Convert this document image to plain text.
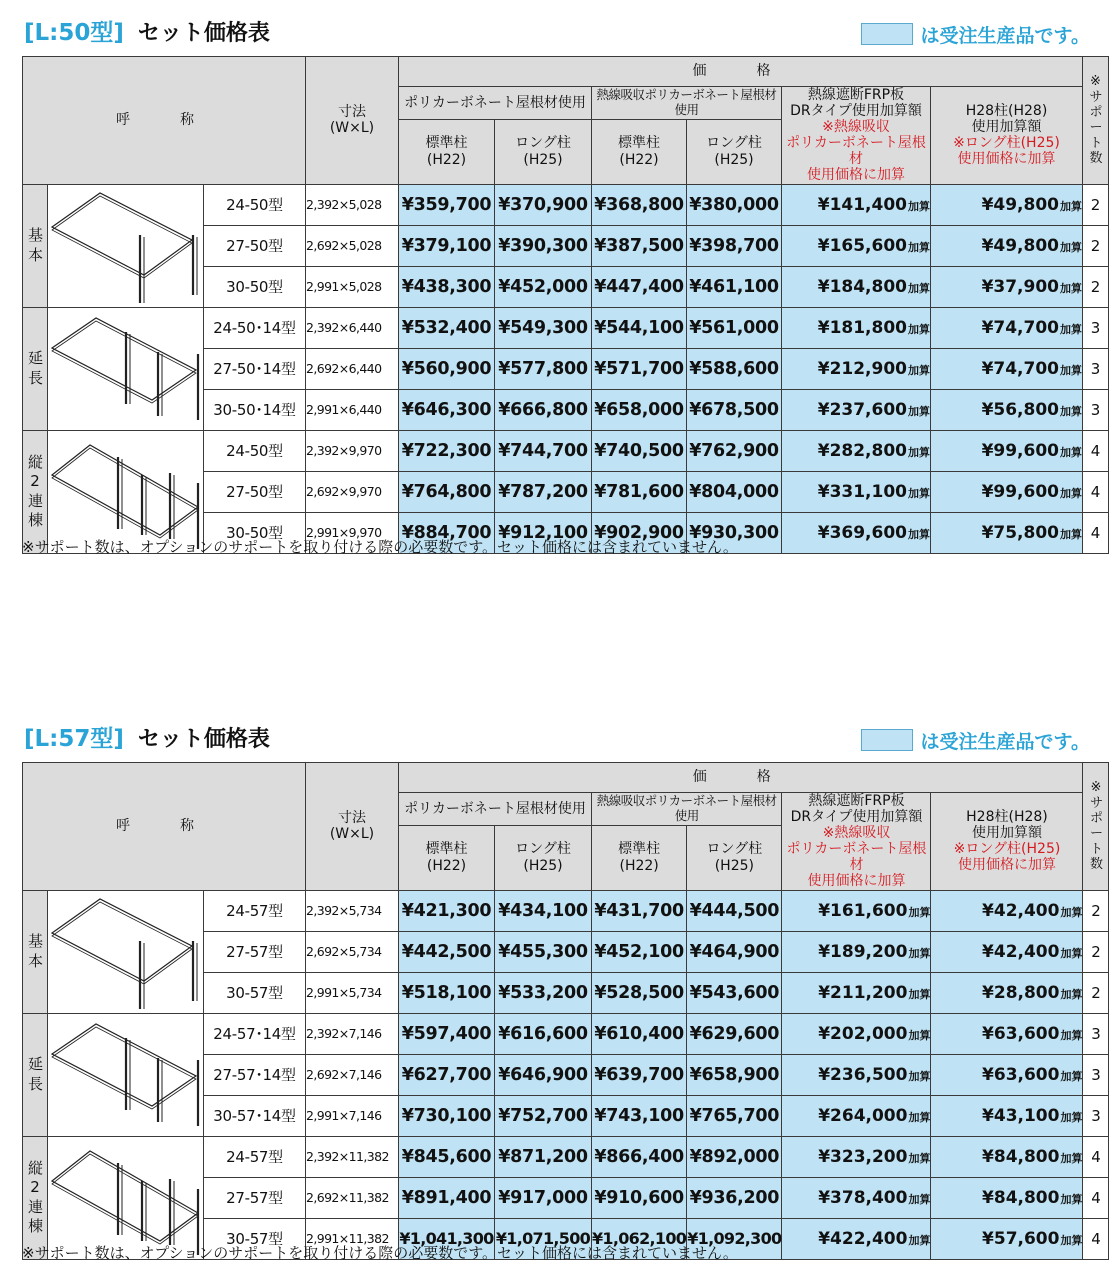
[L:50型] セット価格表	は受注生産品です。
呼　称			寸法
(W×L)	価　格						※サポート数

				ポリカーボネート屋根材使用		熱線吸収ポリカーボネート屋根材使用		熱線遮断FRP板
DRタイプ使用加算額
※熱線吸収
ポリカーボネート屋根材
使用価格に加算	H28柱(H28)
使用加算額
※ロング柱(H25)
使用価格に加算	
				標準柱
(H22)	ロング柱
(H25)	標準柱
(H22)	ロング柱
(H25)			

基本		24-50型	2,392×5,028	¥359,700	¥370,900	¥368,800	¥380,000	¥141,400加算	¥49,800加算	2
		27-50型	2,692×5,028	¥379,100	¥390,300	¥387,500	¥398,700	¥165,600加算	¥49,800加算	2
		30-50型	2,991×5,028	¥438,300	¥452,000	¥447,400	¥461,100	¥184,800加算	¥37,900加算	2

延長		24-50･14型	2,392×6,440	¥532,400	¥549,300	¥544,100	¥561,000	¥181,800加算	¥74,700加算	3
		27-50･14型	2,692×6,440	¥560,900	¥577,800	¥571,700	¥588,600	¥212,900加算	¥74,700加算	3
		30-50･14型	2,991×6,440	¥646,300	¥666,800	¥658,000	¥678,500	¥237,600加算	¥56,800加算	3

縦2連棟		24-50型	2,392×9,970	¥722,300	¥744,700	¥740,500	¥762,900	¥282,800加算	¥99,600加算	4
		27-50型	2,692×9,970	¥764,800	¥787,200	¥781,600	¥804,000	¥331,100加算	¥99,600加算	4
		30-50型	2,991×9,970	¥884,700	¥912,100	¥902,900	¥930,300	¥369,600加算	¥75,800加算	4
※サポート数は、オプションのサポートを取り付ける際の必要数です。セット価格には含まれていません。
[L:57型] セット価格表	は受注生産品です。
呼　称			寸法
(W×L)	価　格						※サポート数

				ポリカーボネート屋根材使用		熱線吸収ポリカーボネート屋根材使用		熱線遮断FRP板
DRタイプ使用加算額
※熱線吸収
ポリカーボネート屋根材
使用価格に加算	H28柱(H28)
使用加算額
※ロング柱(H25)
使用価格に加算	
				標準柱
(H22)	ロング柱
(H25)	標準柱
(H22)	ロング柱
(H25)			

基本		24-57型	2,392×5,734	¥421,300	¥434,100	¥431,700	¥444,500	¥161,600加算	¥42,400加算	2
		27-57型	2,692×5,734	¥442,500	¥455,300	¥452,100	¥464,900	¥189,200加算	¥42,400加算	2
		30-57型	2,991×5,734	¥518,100	¥533,200	¥528,500	¥543,600	¥211,200加算	¥28,800加算	2

延長		24-57･14型	2,392×7,146	¥597,400	¥616,600	¥610,400	¥629,600	¥202,000加算	¥63,600加算	3
		27-57･14型	2,692×7,146	¥627,700	¥646,900	¥639,700	¥658,900	¥236,500加算	¥63,600加算	3
		30-57･14型	2,991×7,146	¥730,100	¥752,700	¥743,100	¥765,700	¥264,000加算	¥43,100加算	3

縦2連棟		24-57型	2,392×11,382	¥845,600	¥871,200	¥866,400	¥892,000	¥323,200加算	¥84,800加算	4
		27-57型	2,692×11,382	¥891,400	¥917,000	¥910,600	¥936,200	¥378,400加算	¥84,800加算	4
		30-57型	2,991×11,382	¥1,041,300	¥1,071,500	¥1,062,100	¥1,092,300	¥422,400加算	¥57,600加算	4
※サポート数は、オプションのサポートを取り付ける際の必要数です。セット価格には含まれていません。
